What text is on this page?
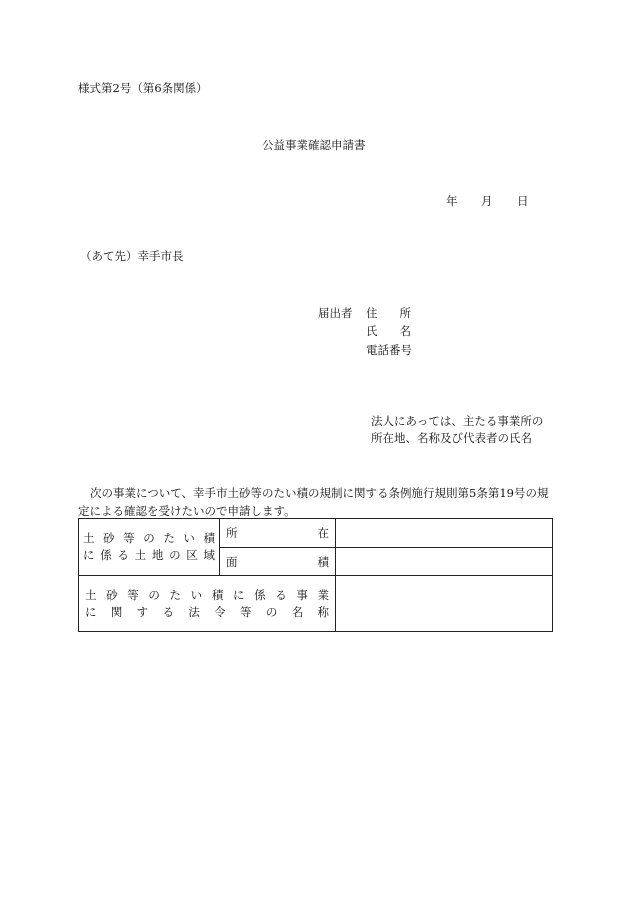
様式第2号（第6条関係）
公益事業確認申請書
年 月 日
（あて先）幸手市長
届出者 住所
氏名
電話番号
法人にあっては、主たる事業所の
所在地、名称及び代表者の氏名
次の事業について、幸手市土砂等のたい積の規制に関する条例施行規則第5条第19号の規定による確認を受けたいので申請します。
土砂等のたい積
に係る土地の区域	所在	

	面積	

土砂等のたい積に係る事業
に関する法令等の名称		
